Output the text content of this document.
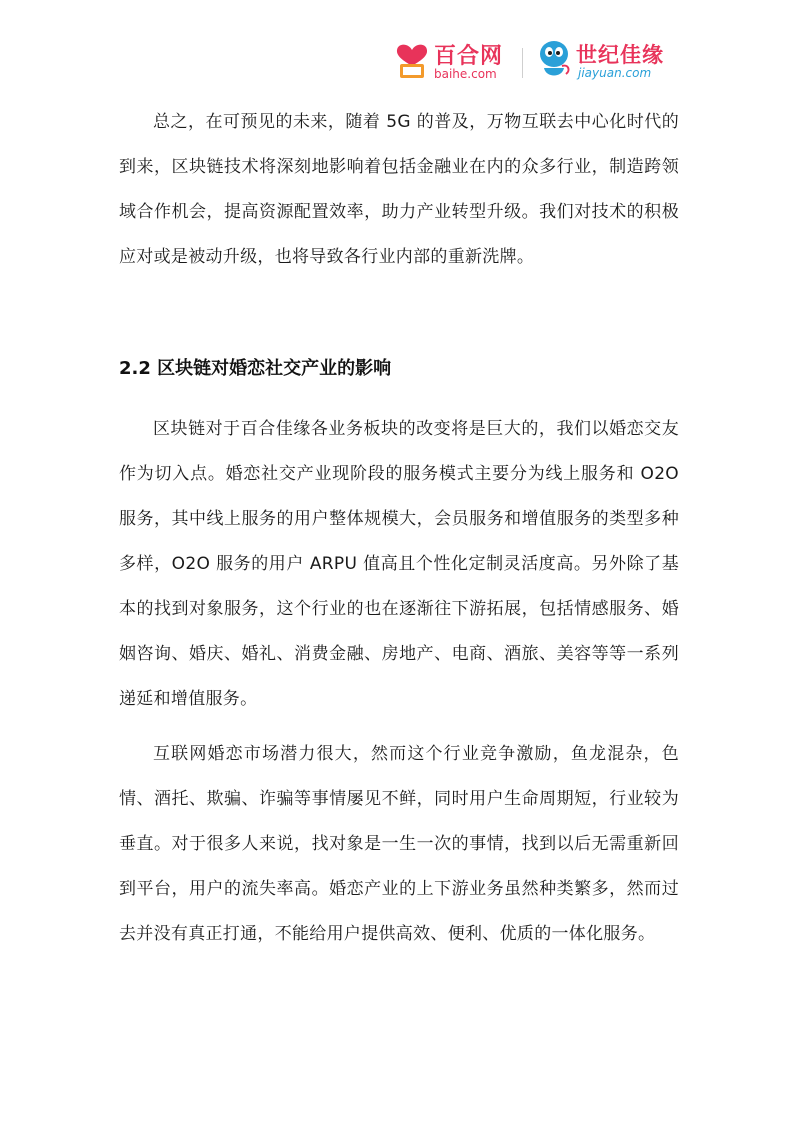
百合网
baihe.com
世纪佳缘
jiayuan.com

总之，在可预见的未来，随着 5G 的普及，万物互联去中心化时代的到来，区块链技术将深刻地影响着包括金融业在内的众多行业，制造跨领域合作机会，提高资源配置效率，助力产业转型升级。我们对技术的积极应对或是被动升级，也将导致各行业内部的重新洗牌。

2.2 区块链对婚恋社交产业的影响

区块链对于百合佳缘各业务板块的改变将是巨大的，我们以婚恋交友作为切入点。婚恋社交产业现阶段的服务模式主要分为线上服务和 O2O 服务，其中线上服务的用户整体规模大，会员服务和增值服务的类型多种多样，O2O 服务的用户 ARPU 值高且个性化定制灵活度高。另外除了基本的找到对象服务，这个行业的也在逐渐往下游拓展，包括情感服务、婚姻咨询、婚庆、婚礼、消费金融、房地产、电商、酒旅、美容等等一系列递延和增值服务。

互联网婚恋市场潜力很大，然而这个行业竞争激励，鱼龙混杂，色情、酒托、欺骗、诈骗等事情屡见不鲜，同时用户生命周期短，行业较为垂直。对于很多人来说，找对象是一生一次的事情，找到以后无需重新回到平台，用户的流失率高。婚恋产业的上下游业务虽然种类繁多，然而过去并没有真正打通，不能给用户提供高效、便利、优质的一体化服务。
